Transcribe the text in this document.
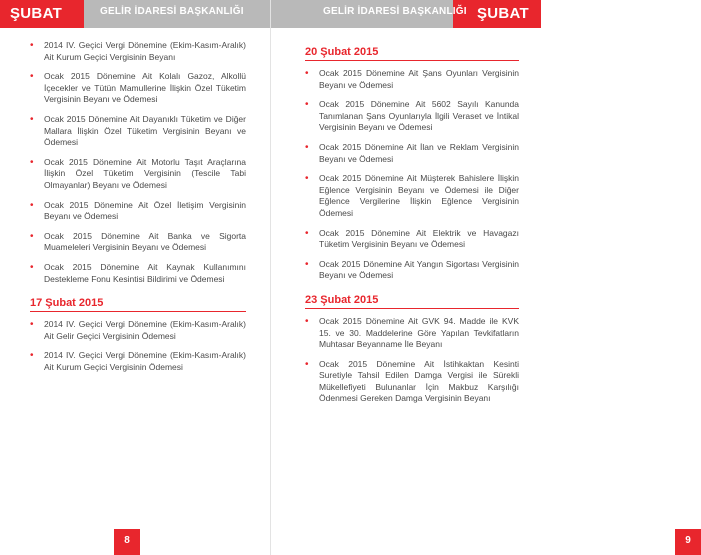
ŞUBAT	GELİR İDARESİ BAŞKANLIĞI
• 2014 IV. Geçici Vergi Dönemine (Ekim-Kasım-Aralık) Ait Kurum Geçici Vergisinin Beyanı
• Ocak 2015 Dönemine Ait Kolalı Gazoz, Alkollü İçecekler ve Tütün Mamullerine İlişkin Özel Tüketim Vergisinin Beyanı ve Ödemesi
• Ocak 2015 Dönemine Ait Dayanıklı Tüketim ve Diğer Mallara İlişkin Özel Tüketim Vergisinin Beyanı ve Ödemesi
• Ocak 2015 Dönemine Ait Motorlu Taşıt Araçlarına İlişkin Özel Tüketim Vergisinin (Tescile Tabi Olmayanlar) Beyanı ve Ödemesi
• Ocak 2015 Dönemine Ait Özel İletişim Vergisinin Beyanı ve Ödemesi
• Ocak 2015 Dönemine Ait Banka ve Sigorta Muameleleri Vergisinin Beyanı ve Ödemesi
• Ocak 2015 Dönemine Ait Kaynak Kullanımını Destekleme Fonu Kesintisi Bildirimi ve Ödemesi
17 Şubat 2015
• 2014 IV. Geçici Vergi Dönemine (Ekim-Kasım-Aralık) Ait Gelir Geçici Vergisinin Ödemesi
• 2014 IV. Geçici Vergi Dönemine (Ekim-Kasım-Aralık) Ait Kurum Geçici Vergisinin Ödemesi
8
GELİR İDARESİ BAŞKANLIĞI ŞUBAT
20 Şubat 2015
• Ocak 2015 Dönemine Ait Şans Oyunları Vergisinin Beyanı ve Ödemesi
• Ocak 2015 Dönemine Ait 5602 Sayılı Kanunda Tanımlanan Şans Oyunlarıyla İlgili Veraset ve İntikal Vergisinin Beyanı ve Ödemesi
• Ocak 2015 Dönemine Ait İlan ve Reklam Vergisinin Beyanı ve Ödemesi
• Ocak 2015 Dönemine Ait Müşterek Bahislere İlişkin Eğlence Vergisinin Beyanı ve Ödemesi ile Diğer Eğlence Vergilerine İlişkin Eğlence Vergisinin Ödemesi
• Ocak 2015 Dönemine Ait Elektrik ve Havagazı Tüketim Vergisinin Beyanı ve Ödemesi
• Ocak 2015 Dönemine Ait Yangın Sigortası Vergisinin Beyanı ve Ödemesi
23 Şubat 2015
• Ocak 2015 Dönemine Ait GVK 94. Madde ile KVK 15. ve 30. Maddelerine Göre Yapılan Tevkifatların Muhtasar Beyanname İle Beyanı
• Ocak 2015 Dönemine Ait İstihkaktan Kesinti Suretiyle Tahsil Edilen Damga Vergisi ile Sürekli Mükellefiyeti Bulunanlar İçin Makbuz Karşılığı Ödenmesi Gereken Damga Vergisinin Beyanı
9
